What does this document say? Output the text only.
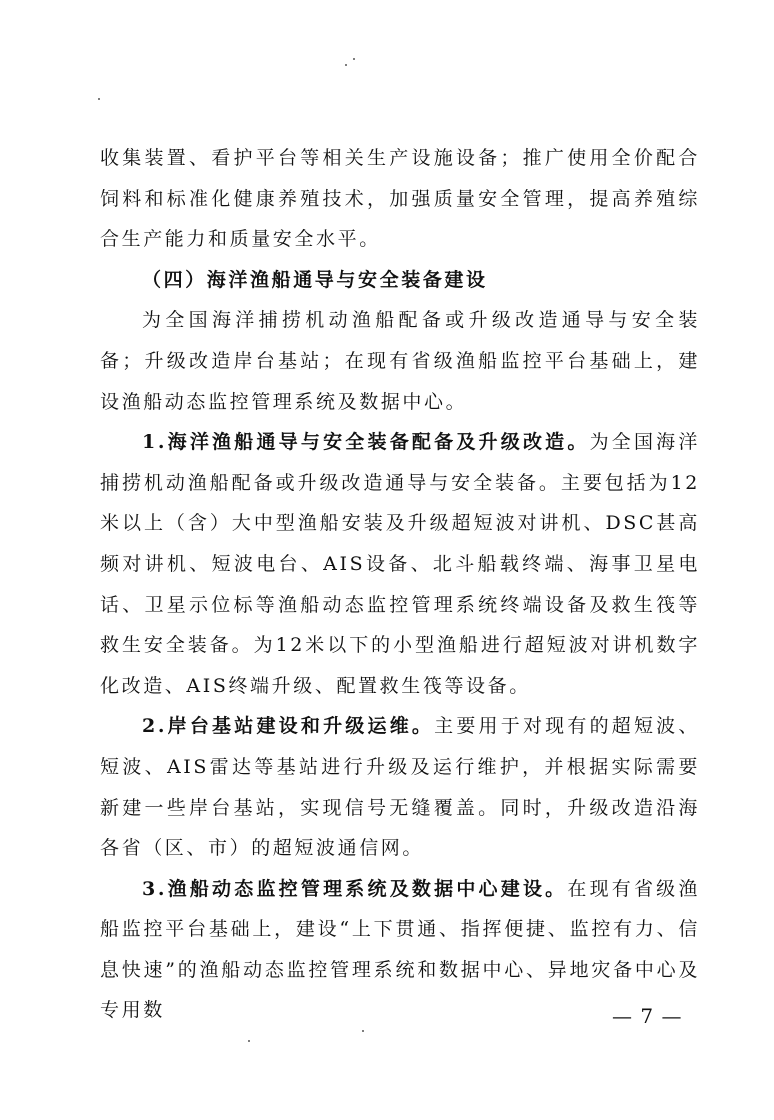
收集装置、看护平台等相关生产设施设备；推广使用全价配合饲料和标准化健康养殖技术，加强质量安全管理，提高养殖综合生产能力和质量安全水平。

（四）海洋渔船通导与安全装备建设

为全国海洋捕捞机动渔船配备或升级改造通导与安全装备；升级改造岸台基站；在现有省级渔船监控平台基础上，建设渔船动态监控管理系统及数据中心。

1.海洋渔船通导与安全装备配备及升级改造。为全国海洋捕捞机动渔船配备或升级改造通导与安全装备。主要包括为12米以上（含）大中型渔船安装及升级超短波对讲机、DSC甚高频对讲机、短波电台、AIS设备、北斗船载终端、海事卫星电话、卫星示位标等渔船动态监控管理系统终端设备及救生筏等救生安全装备。为12米以下的小型渔船进行超短波对讲机数字化改造、AIS终端升级、配置救生筏等设备。

2.岸台基站建设和升级运维。主要用于对现有的超短波、短波、AIS雷达等基站进行升级及运行维护，并根据实际需要新建一些岸台基站，实现信号无缝覆盖。同时，升级改造沿海各省（区、市）的超短波通信网。

3.渔船动态监控管理系统及数据中心建设。在现有省级渔船监控平台基础上，建设“上下贯通、指挥便捷、监控有力、信息快速”的渔船动态监控管理系统和数据中心、异地灾备中心及专用数	— 7 —
